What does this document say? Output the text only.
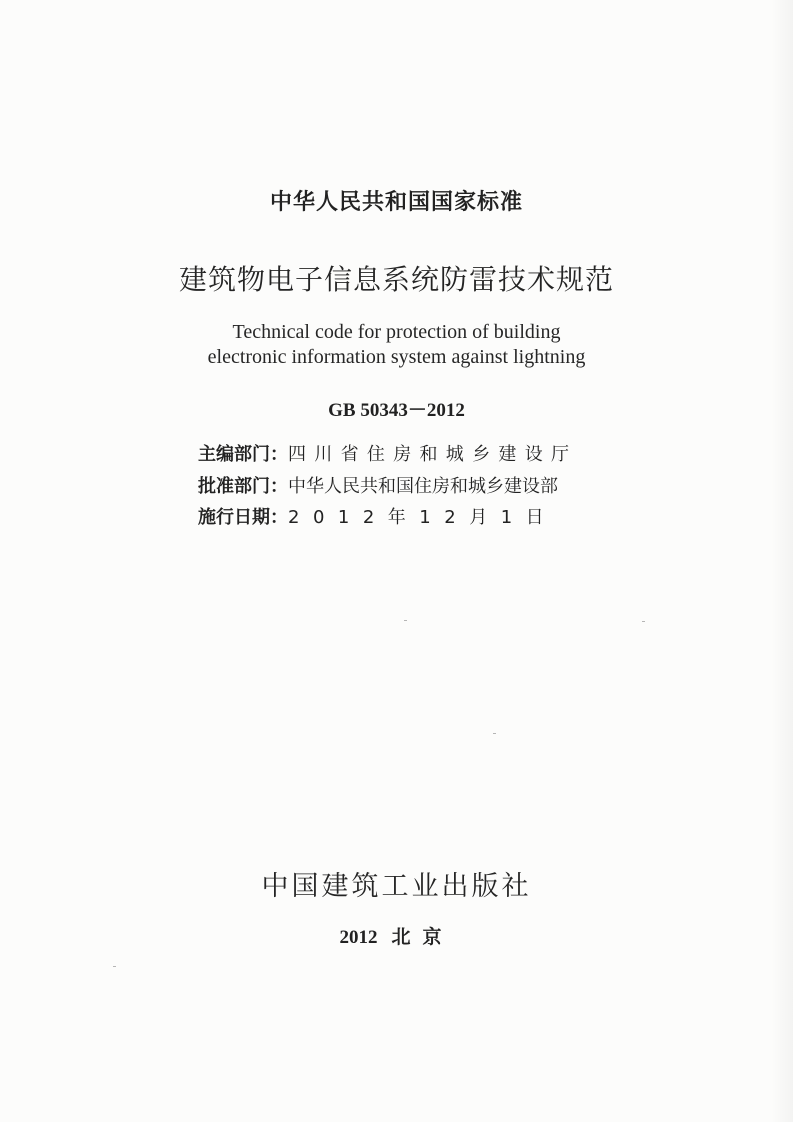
中华人民共和国国家标准
建筑物电子信息系统防雷技术规范
Technical code for protection of building
electronic information system against lightning
GB 50343－2012
主编部门：四川省住房和城乡建设厅
批准部门：中华人民共和国住房和城乡建设部
施行日期：2012年12月1日
中国建筑工业出版社
2012 北京
